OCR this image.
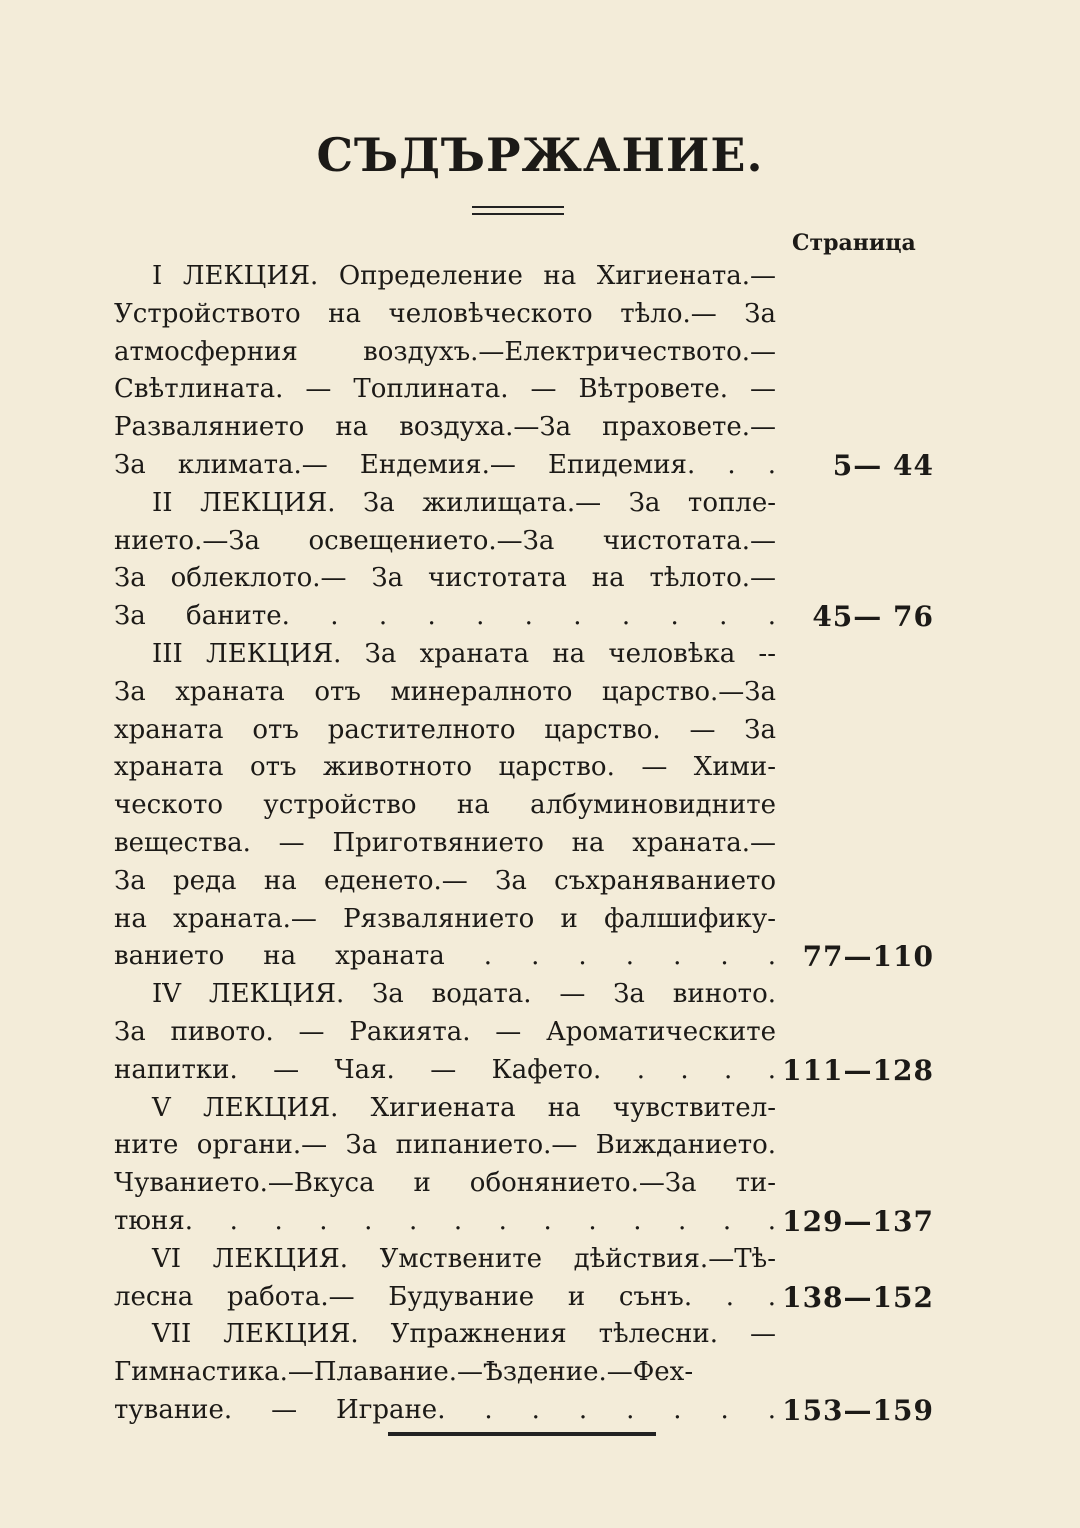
СЪДЪРЖАНИЕ.
Страница
I ЛЕКЦИЯ. Определение на Хигиената.—
Устройството на человѣческото тѣло.— За
атмосферния воздухъ.—Електричеството.—
Свѣтлината. — Топлината. — Вѣтровете. —
Развалянието на воздуха.—За праховете.—
За климата.— Ендемия.— Епидемия. . .	5— 44
II ЛЕКЦИЯ. За жилищата.— За топле-
нието.—За освещението.—За чистотата.—
За облеклото.— За чистотата на тѣлото.—
За баните. . . . . . . . . . .	45— 76
III ЛЕКЦИЯ. За храната на человѣка --
За храната отъ минералното царство.—За
храната отъ растителното царство. — За
храната отъ животното царство. — Хими-
ческото устройство на албуминовидните
вещества. — Приготвянието на храната.—
За реда на еденето.— За съхраняванието
на храната.— Рязвалянието и фалшифику-
ванието на храната . . . . . . . 77—110
IV ЛЕКЦИЯ. За водата. — За виното.
За пивото. — Ракията. — Ароматическите
напитки. — Чая. — Кафето. . . . . 111—128
V ЛЕКЦИЯ. Хигиената на чувствител-
ните органи.— За пипанието.— Вижданието.
Чуванието.—Вкуса и обонянието.—За ти-
тюня. . . . . . . . . . . . . . 129—137
VI ЛЕКЦИЯ. Умствените дѣйствия.—Тѣ-
лесна работа.— Будувание и сънъ. . . 138—152
VII ЛЕКЦИЯ. Упражнения тѣлесни. —
Гимнастика.—Плавание.—Ѣздение.—Фех-
тувание. — Игране. . . . . . . . 153—159
